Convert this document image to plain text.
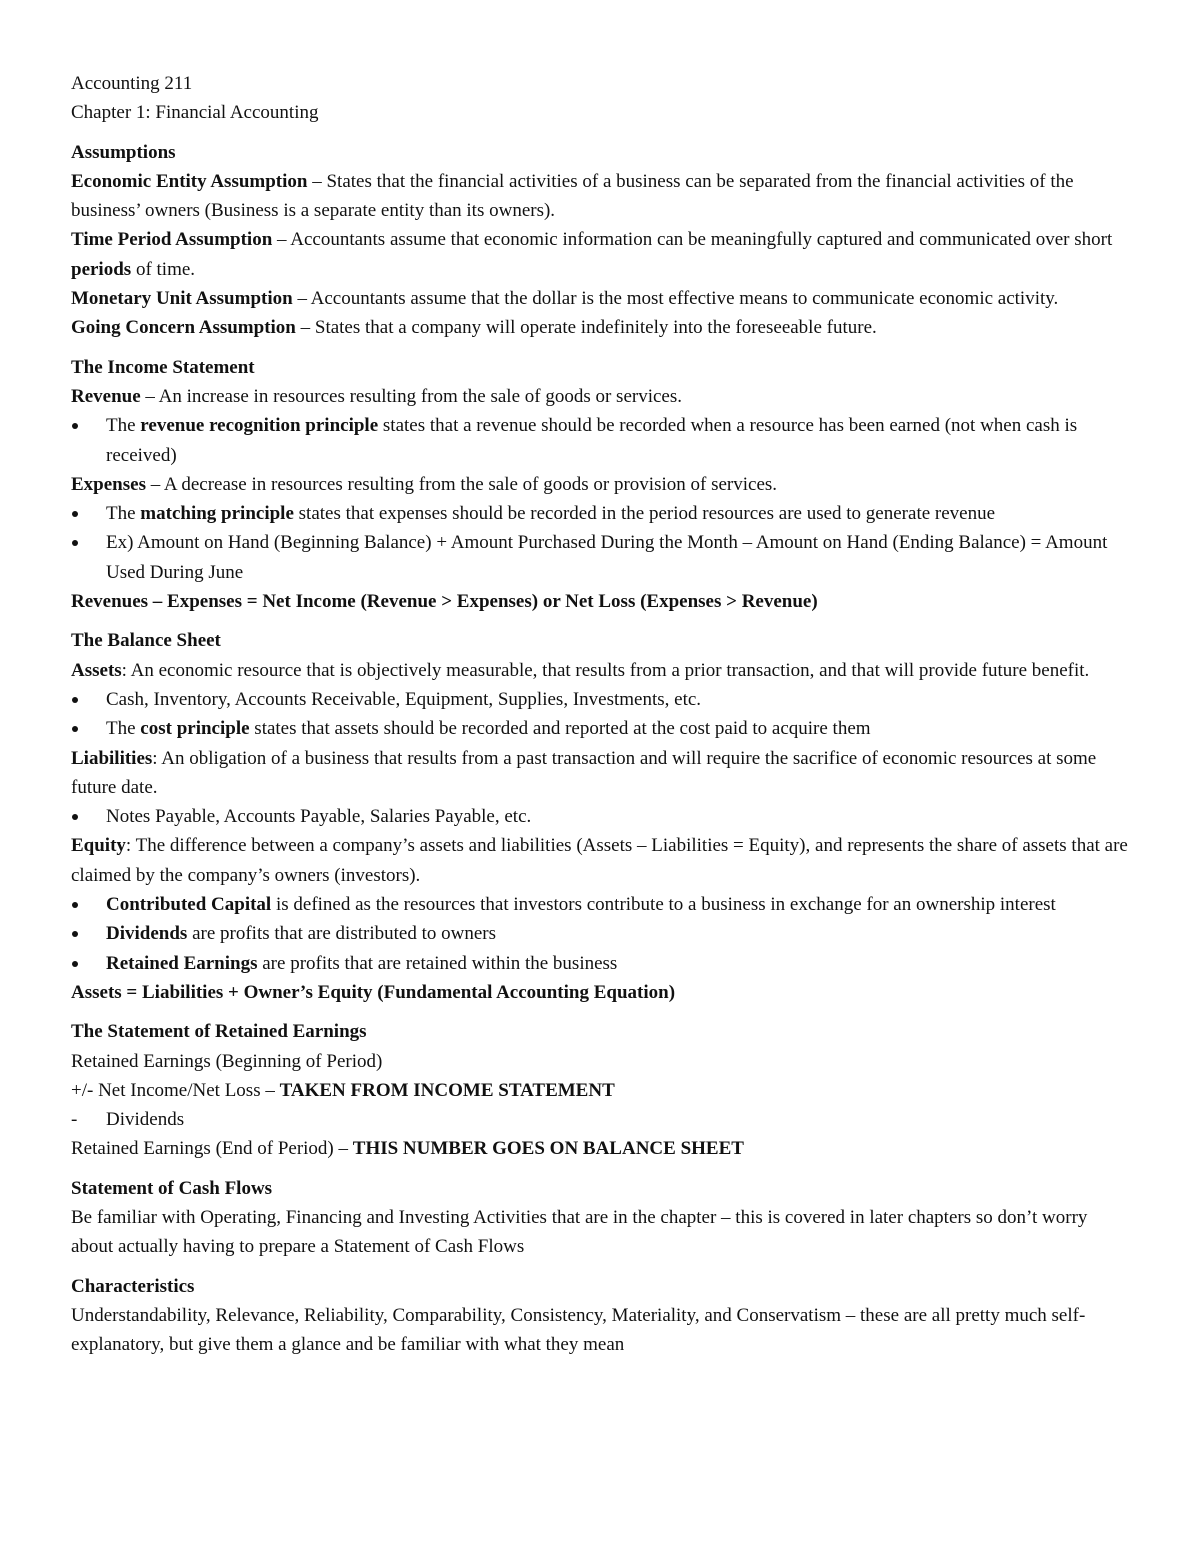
Accounting 211

Chapter 1: Financial Accounting

Assumptions

Economic Entity Assumption – States that the financial activities of a business can be separated from the financial activities of the business’ owners (Business is a separate entity than its owners).

Time Period Assumption – Accountants assume that economic information can be meaningfully captured and communicated over short periods of time.

Monetary Unit Assumption – Accountants assume that the dollar is the most effective means to communicate economic activity.

Going Concern Assumption – States that a company will operate indefinitely into the foreseeable future.

The Income Statement

Revenue – An increase in resources resulting from the sale of goods or services.

The revenue recognition principle states that a revenue should be recorded when a resource has been earned (not when cash is received)

Expenses – A decrease in resources resulting from the sale of goods or provision of services.

The matching principle states that expenses should be recorded in the period resources are used to generate revenue
Ex) Amount on Hand (Beginning Balance) + Amount Purchased During the Month – Amount on Hand (Ending Balance) = Amount Used During June

Revenues – Expenses = Net Income (Revenue > Expenses) or Net Loss (Expenses > Revenue)

The Balance Sheet

Assets: An economic resource that is objectively measurable, that results from a prior transaction, and that will provide future benefit.

Cash, Inventory, Accounts Receivable, Equipment, Supplies, Investments, etc.
The cost principle states that assets should be recorded and reported at the cost paid to acquire them

Liabilities: An obligation of a business that results from a past transaction and will require the sacrifice of economic resources at some future date.

Notes Payable, Accounts Payable, Salaries Payable, etc.

Equity: The difference between a company’s assets and liabilities (Assets – Liabilities = Equity), and represents the share of assets that are claimed by the company’s owners (investors).

Contributed Capital is defined as the resources that investors contribute to a business in exchange for an ownership interest
Dividends are profits that are distributed to owners
Retained Earnings are profits that are retained within the business

Assets = Liabilities + Owner’s Equity (Fundamental Accounting Equation)

The Statement of Retained Earnings

Retained Earnings (Beginning of Period)

+/- Net Income/Net Loss – TAKEN FROM INCOME STATEMENT

- Dividends

Retained Earnings (End of Period) – THIS NUMBER GOES ON BALANCE SHEET

Statement of Cash Flows

Be familiar with Operating, Financing and Investing Activities that are in the chapter – this is covered in later chapters so don’t worry about actually having to prepare a Statement of Cash Flows

Characteristics

Understandability, Relevance, Reliability, Comparability, Consistency, Materiality, and Conservatism – these are all pretty much self-explanatory, but give them a glance and be familiar with what they mean
